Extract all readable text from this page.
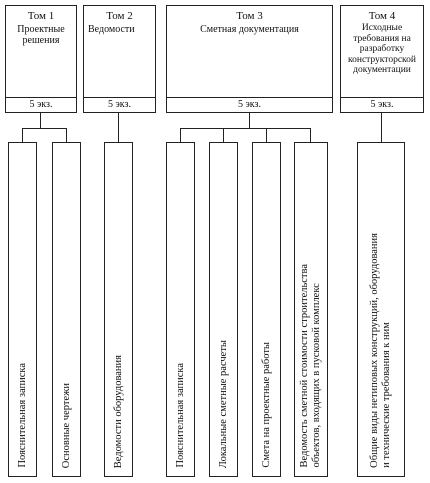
Том 1
Проектные
решения
5 экз.
Том 2
Ведомости
5 экз.
Том 3
Сметная документация
5 экз.
Том 4
Исходные
требования на
разработку
конструкторской
документации
5 экз.
Пояснительная записка	Основные чертежи	Ведомости оборудования	Пояснительная записка	Локальные сметные расчеты	Смета на проектные работы	Ведомость сметной стоимости строительства
объектов, входящих в пусковой комплекс
Общие виды нетиповых конструкций, оборудования
и технические требования к ним
